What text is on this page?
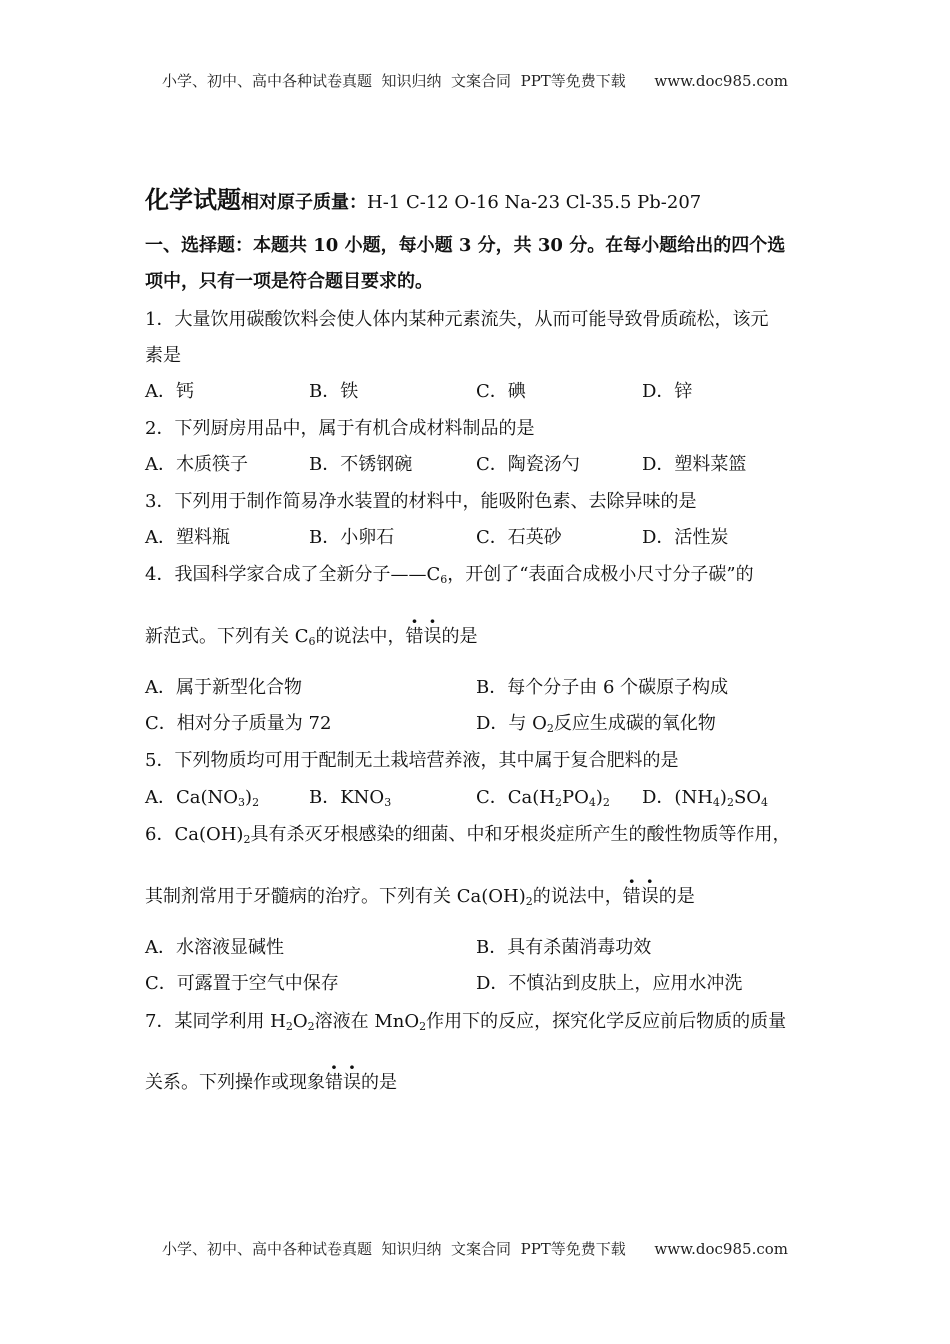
小学、初中、高中各种试卷真题  知识归纳  文案合同  PPT等免费下载      www.doc985.com
化学试题相对原子质量：H-1 C-12 O-16 Na-23 Cl-35.5 Pb-207
一、选择题：本题共 10 小题，每小题 3 分，共 30 分。在每小题给出的四个选
项中，只有一项是符合题目要求的。
1．大量饮用碳酸饮料会使人体内某种元素流失，从而可能导致骨质疏松，该元
素是
A．钙	B．铁	C．碘	D．锌
2．下列厨房用品中，属于有机合成材料制品的是
A．木质筷子	B．不锈钢碗	C．陶瓷汤勺	D．塑料菜篮
3．下列用于制作简易净水装置的材料中，能吸附色素、去除异味的是
A．塑料瓶	B．小卵石	C．石英砂	D．活性炭
4．我国科学家合成了全新分子$——C_6$，开创了“表面合成极小尺寸分子碳”的
新范式。下列有关 $C_6$的说法中，错误的是
A．属于新型化合物	B．每个分子由 6 个碳原子构成
C．相对分子质量为 72	D．与 $O_2$反应生成碳的氧化物
5．下列物质均可用于配制无土栽培营养液，其中属于复合肥料的是
A．$Ca(NO_3)_2$	B．$KNO_3$	C．$Ca(H_2PO_4)_2$ D．$(NH_4)_2SO_4$
6．$Ca(OH)_2$具有杀灭牙根感染的细菌、中和牙根炎症所产生的酸性物质等作用，
其制剂常用于牙髓病的治疗。下列有关 $Ca(OH)_2$的说法中，错误的是
A．水溶液显碱性	B．具有杀菌消毒功效
C．可露置于空气中保存	D．不慎沾到皮肤上，应用水冲洗
7．某同学利用 $H_2O_2$溶液在 MnO$_2$作用下的反应，探究化学反应前后物质的质量
关系。下列操作或现象错误的是
小学、初中、高中各种试卷真题  知识归纳  文案合同  PPT等免费下载      www.doc985.com
